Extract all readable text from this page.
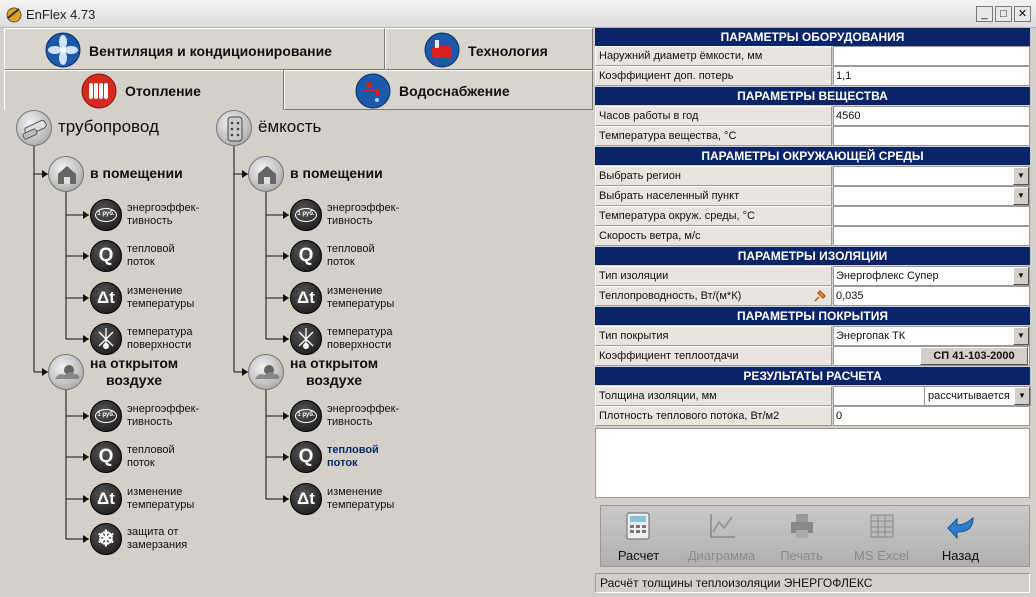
EnFlex 4.73	_	□	✕
Вентиляция и кондиционирование	Технология
Отопление	Водоснабжение
трубопровод
в помещении
на открытом
воздухе
1 руб. энергоэффек-
тивность
Q	тепловой
поток
Δt	изменение
температуры
температура
поверхности
1 руб. энергоэффек-
тивность
Q	тепловой
поток
Δt	изменение
температуры
❄	защита от
замерзания
ёмкость
в помещении
на открытом
воздухе
1 руб. энергоэффек-
тивность
Q	тепловой
поток
Δt	изменение
температуры
температура
поверхности
1 руб. энергоэффек-
тивность
Q	тепловой
поток
Δt	изменение
температуры
ПАРАМЕТРЫ ОБОРУДОВАНИЯ
Наружний диаметр ёмкости, мм
Коэффициент доп. потерь	1,1
ПАРАМЕТРЫ ВЕЩЕСТВА
Часов работы в год	4560
Температура вещества, °С
ПАРАМЕТРЫ ОКРУЖАЮЩЕЙ СРЕДЫ
Выбрать регион	▼
Выбрать населенный пункт	▼
Температура окруж. среды, °С
Скорость ветра, м/с
ПАРАМЕТРЫ ИЗОЛЯЦИИ
Тип изоляции	Энергофлекс Супер	▼
Теплопроводность, Вт/(м*К)	0,035
ПАРАМЕТРЫ ПОКРЫТИЯ
Тип покрытия	Энергопак ТК	▼
Коэффициент теплоотдачи	СП 41-103-2000
РЕЗУЛЬТАТЫ РАСЧЕТА
Толщина изоляции, мм	рассчитывается	▼
Плотность теплового потока, Вт/м2	0
Расчет	Диаграмма	Печать	MS Excel	Назад
Расчёт толщины теплоизоляции ЭНЕРГОФЛЕКС
